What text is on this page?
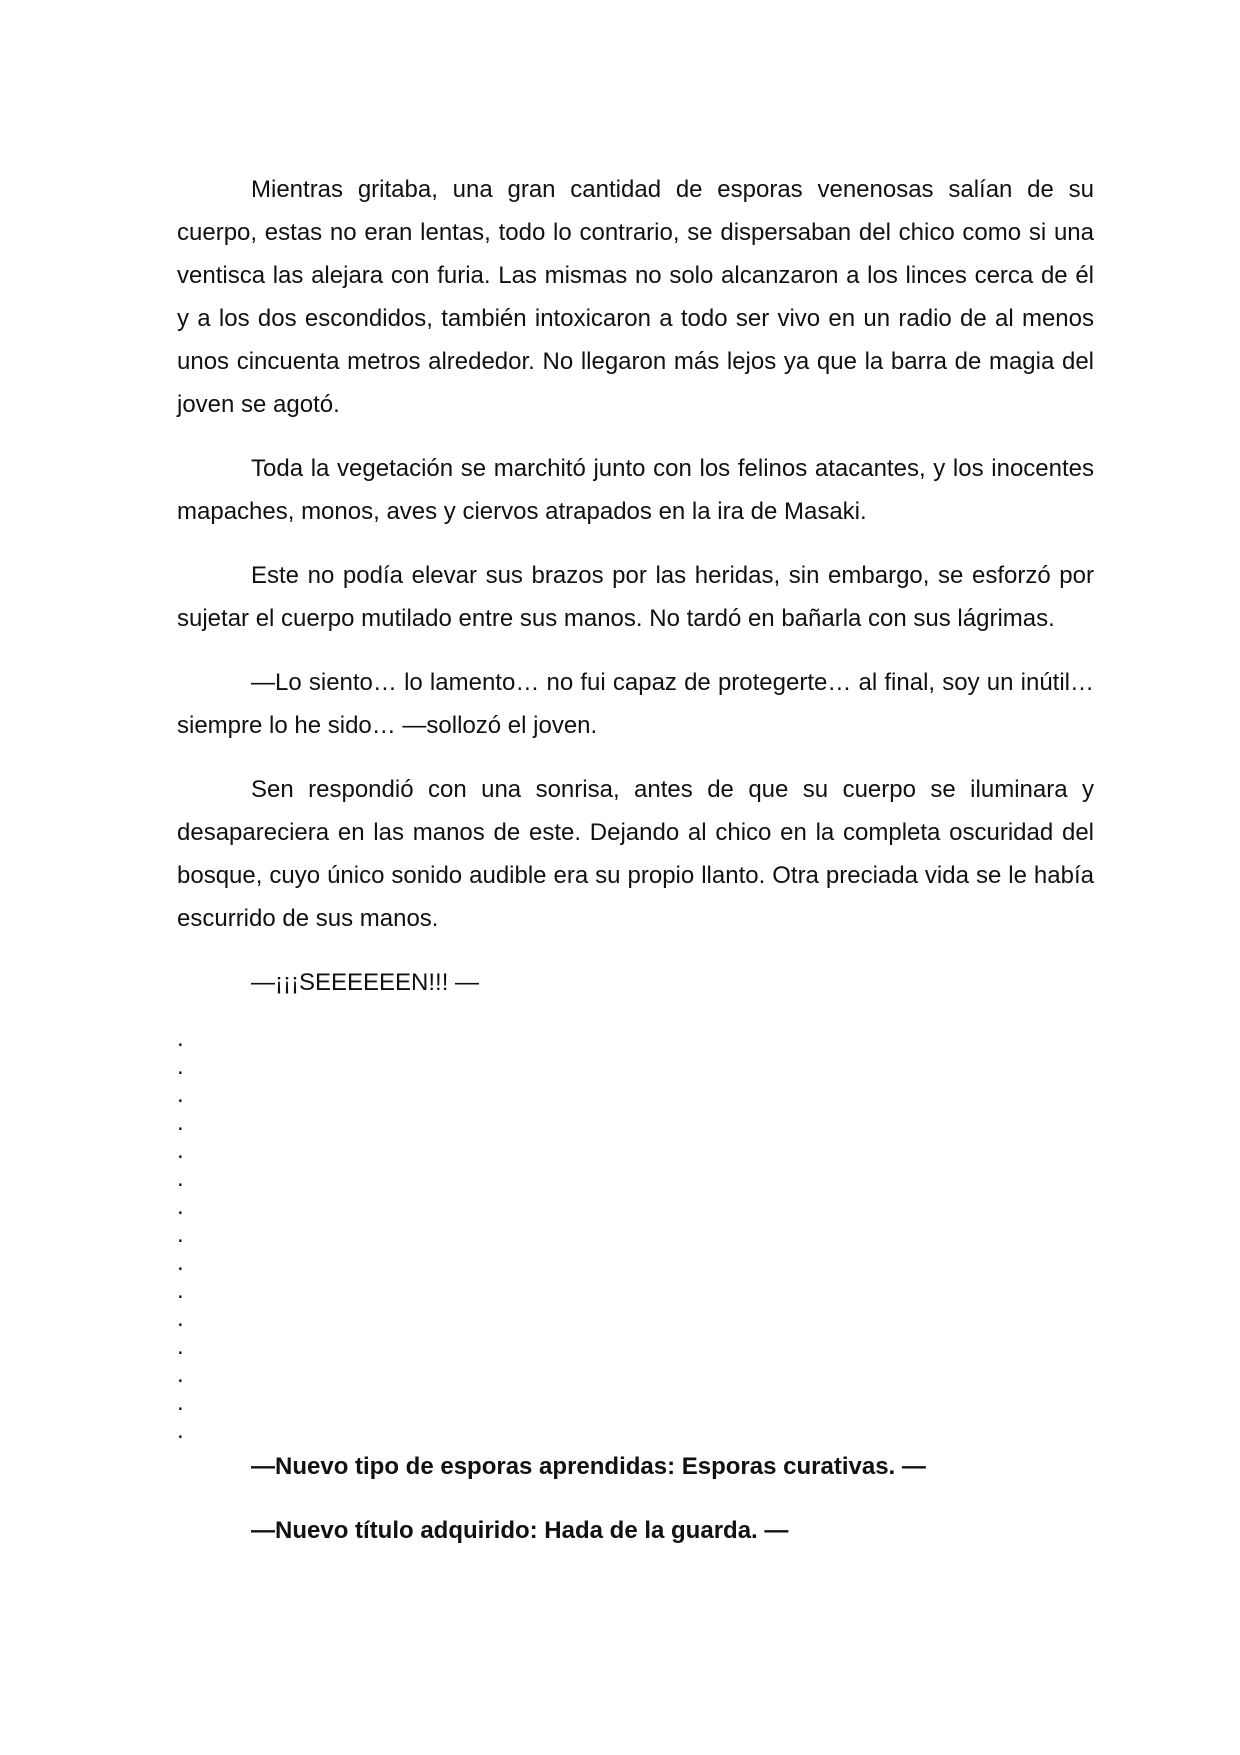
Mientras gritaba, una gran cantidad de esporas venenosas salían de su cuerpo, estas no eran lentas, todo lo contrario, se dispersaban del chico como si una ventisca las alejara con furia. Las mismas no solo alcanzaron a los linces cerca de él y a los dos escondidos, también intoxicaron a todo ser vivo en un radio de al menos unos cincuenta metros alrededor. No llegaron más lejos ya que la barra de magia del joven se agotó.

Toda la vegetación se marchitó junto con los felinos atacantes, y los inocentes mapaches, monos, aves y ciervos atrapados en la ira de Masaki.

Este no podía elevar sus brazos por las heridas, sin embargo, se esforzó por sujetar el cuerpo mutilado entre sus manos. No tardó en bañarla con sus lágrimas.

—Lo siento… lo lamento… no fui capaz de protegerte… al final, soy un inútil… siempre lo he sido… —sollozó el joven.

Sen respondió con una sonrisa, antes de que su cuerpo se iluminara y desapareciera en las manos de este. Dejando al chico en la completa oscuridad del bosque, cuyo único sonido audible era su propio llanto. Otra preciada vida se le había escurrido de sus manos.

—¡¡¡SEEEEEEN!!! —

.
.
.
.
.
.
.
.
.
.
.
.
.
.
.

—Nuevo tipo de esporas aprendidas: Esporas curativas. —

—Nuevo título adquirido: Hada de la guarda. —
